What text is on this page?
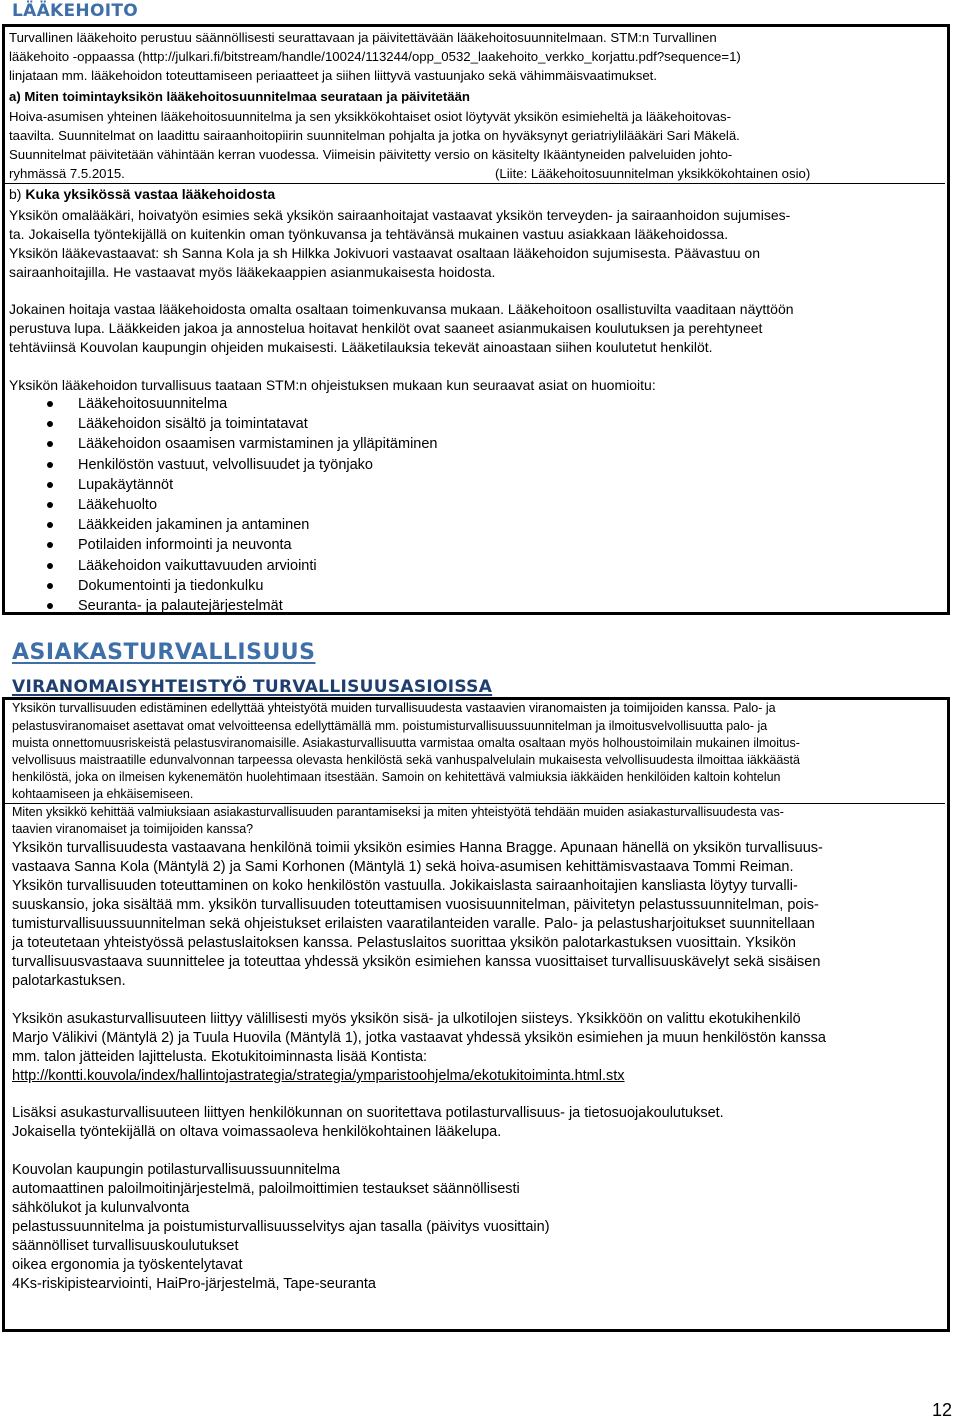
LÄÄKEHOITO
Turvallinen lääkehoito perustuu säännöllisesti seurattavaan ja päivitettävään lääkehoitosuunnitelmaan. STM:n Turvallinen
lääkehoito -oppaassa (http://julkari.fi/bitstream/handle/10024/113244/opp_0532_laakehoito_verkko_korjattu.pdf?sequence=1)
linjataan mm. lääkehoidon toteuttamiseen periaatteet ja siihen liittyvä vastuunjako sekä vähimmäisvaatimukset.
a) Miten toimintayksikön lääkehoitosuunnitelmaa seurataan ja päivitetään
Hoiva-asumisen yhteinen lääkehoitosuunnitelma ja sen yksikkökohtaiset osiot löytyvät yksikön esimieheltä ja lääkehoitovas-
taavilta. Suunnitelmat on laadittu sairaanhoitopiirin suunnitelman pohjalta ja jotka on hyväksynyt geriatriylilääkäri Sari Mäkelä.
Suunnitelmat päivitetään vähintään kerran vuodessa. Viimeisin päivitetty versio on käsitelty Ikääntyneiden palveluiden johto-
ryhmässä 7.5.2015.	(Liite: Lääkehoitosuunnitelman yksikkökohtainen osio)
b) Kuka yksikössä vastaa lääkehoidosta
Yksikön omalääkäri, hoivatyön esimies sekä yksikön sairaanhoitajat vastaavat yksikön terveyden- ja sairaanhoidon sujumises-
ta. Jokaisella työntekijällä on kuitenkin oman työnkuvansa ja tehtävänsä mukainen vastuu asiakkaan lääkehoidossa.
Yksikön lääkevastaavat: sh Sanna Kola ja sh Hilkka Jokivuori vastaavat osaltaan lääkehoidon sujumisesta. Päävastuu on
sairaanhoitajilla. He vastaavat myös lääkekaappien asianmukaisesta hoidosta.
Jokainen hoitaja vastaa lääkehoidosta omalta osaltaan toimenkuvansa mukaan. Lääkehoitoon osallistuvilta vaaditaan näyttöön
perustuva lupa. Lääkkeiden jakoa ja annostelua hoitavat henkilöt ovat saaneet asianmukaisen koulutuksen ja perehtyneet
tehtäviinsä Kouvolan kaupungin ohjeiden mukaisesti. Lääketilauksia tekevät ainoastaan siihen koulutetut henkilöt.
Yksikön lääkehoidon turvallisuus taataan STM:n ohjeistuksen mukaan kun seuraavat asiat on huomioitu:
Lääkehoitosuunnitelma
Lääkehoidon sisältö ja toimintatavat
Lääkehoidon osaamisen varmistaminen ja ylläpitäminen
Henkilöstön vastuut, velvollisuudet ja työnjako
Lupakäytännöt
Lääkehuolto
Lääkkeiden jakaminen ja antaminen
Potilaiden informointi ja neuvonta
Lääkehoidon vaikuttavuuden arviointi
Dokumentointi ja tiedonkulku
Seuranta- ja palautejärjestelmät
ASIAKASTURVALLISUUS
VIRANOMAISYHTEISTYÖ TURVALLISUUSASIOISSA
Yksikön turvallisuuden edistäminen edellyttää yhteistyötä muiden turvallisuudesta vastaavien viranomaisten ja toimijoiden kanssa. Palo- ja
pelastusviranomaiset asettavat omat velvoitteensa edellyttämällä mm. poistumisturvallisuussuunnitelman ja ilmoitusvelvollisuutta palo- ja
muista onnettomuusriskeistä pelastusviranomaisille. Asiakasturvallisuutta varmistaa omalta osaltaan myös holhoustoimilain mukainen ilmoitus-
velvollisuus maistraatille edunvalvonnan tarpeessa olevasta henkilöstä sekä vanhuspalvelulain mukaisesta velvollisuudesta ilmoittaa iäkkäästä
henkilöstä, joka on ilmeisen kykenemätön huolehtimaan itsestään. Samoin on kehitettävä valmiuksia iäkkäiden henkilöiden kaltoin kohtelun
kohtaamiseen ja ehkäisemiseen.
Miten yksikkö kehittää valmiuksiaan asiakasturvallisuuden parantamiseksi ja miten yhteistyötä tehdään muiden asiakasturvallisuudesta vas-
taavien viranomaiset ja toimijoiden kanssa?
Yksikön turvallisuudesta vastaavana henkilönä toimii yksikön esimies Hanna Bragge. Apunaan hänellä on yksikön turvallisuus-
vastaava Sanna Kola (Mäntylä 2) ja Sami Korhonen (Mäntylä 1) sekä hoiva-asumisen kehittämisvastaava Tommi Reiman.
Yksikön turvallisuuden toteuttaminen on koko henkilöstön vastuulla. Jokikaislasta sairaanhoitajien kansliasta löytyy turvalli-
suuskansio, joka sisältää mm. yksikön turvallisuuden toteuttamisen vuosisuunnitelman, päivitetyn pelastussuunnitelman, pois-
tumisturvallisuussuunnitelman sekä ohjeistukset erilaisten vaaratilanteiden varalle. Palo- ja pelastusharjoitukset suunnitellaan
ja toteutetaan yhteistyössä pelastuslaitoksen kanssa. Pelastuslaitos suorittaa yksikön palotarkastuksen vuosittain. Yksikön
turvallisuusvastaava suunnittelee ja toteuttaa yhdessä yksikön esimiehen kanssa vuosittaiset turvallisuuskävelyt sekä sisäisen
palotarkastuksen.
Yksikön asukasturvallisuuteen liittyy välillisesti myös yksikön sisä- ja ulkotilojen siisteys. Yksikköön on valittu ekotukihenkilö
Marjo Välikivi (Mäntylä 2) ja Tuula Huovila (Mäntylä 1), jotka vastaavat yhdessä yksikön esimiehen ja muun henkilöstön kanssa
mm. talon jätteiden lajittelusta. Ekotukitoiminnasta lisää Kontista:
http://kontti.kouvola/index/hallintojastrategia/strategia/ymparistoohjelma/ekotukitoiminta.html.stx
Lisäksi asukasturvallisuuteen liittyen henkilökunnan on suoritettava potilasturvallisuus- ja tietosuojakoulutukset.
Jokaisella työntekijällä on oltava voimassaoleva henkilökohtainen lääkelupa.
Kouvolan kaupungin potilasturvallisuussuunnitelma
automaattinen paloilmoitinjärjestelmä, paloilmoittimien testaukset säännöllisesti
sähkölukot ja kulunvalvonta
pelastussuunnitelma ja poistumisturvallisuusselvitys ajan tasalla (päivitys vuosittain)
säännölliset turvallisuuskoulutukset
oikea ergonomia ja työskentelytavat
4Ks-riskipistearviointi, HaiPro-järjestelmä, Tape-seuranta
12
